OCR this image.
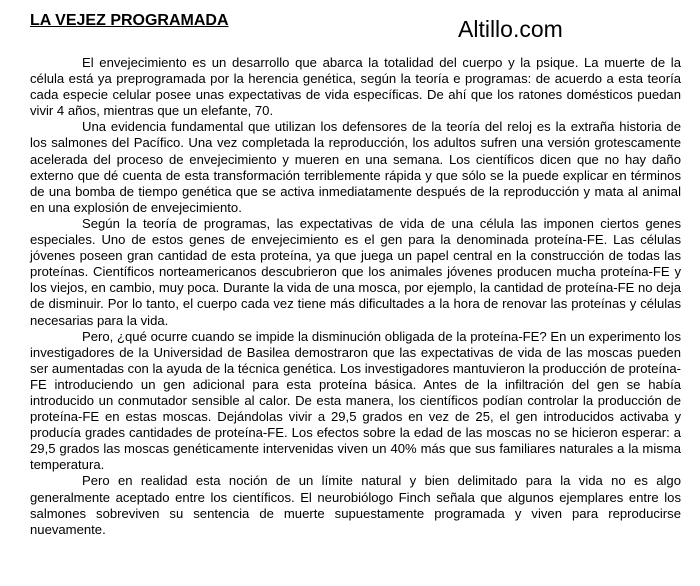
LA VEJEZ PROGRAMADA	Altillo.com

El envejecimiento es un desarrollo que abarca la totalidad del cuerpo y la psique. La muerte de la célula está ya preprogramada por la herencia genética, según la teoría e programas: de acuerdo a esta teoría cada especie celular posee unas expectativas de vida específicas. De ahí que los ratones domésticos puedan vivir 4 años, mientras que un elefante, 70.

Una evidencia fundamental que utilizan los defensores de la teoría del reloj es la extraña historia de los salmones del Pacífico. Una vez completada la reproducción, los adultos sufren una versión grotescamente acelerada del proceso de envejecimiento y mueren en una semana. Los científicos dicen que no hay daño externo que dé cuenta de esta transformación terriblemente rápida y que sólo se la puede explicar en términos de una bomba de tiempo genética que se activa inmediatamente después de la reproducción y mata al animal en una explosión de envejecimiento.

Según la teoría de programas, las expectativas de vida de una célula las imponen ciertos genes especiales. Uno de estos genes de envejecimiento es el gen para la denominada proteína-FE. Las células jóvenes poseen gran cantidad de esta proteína, ya que juega un papel central en la construcción de todas las proteínas. Científicos norteamericanos descubrieron que los animales jóvenes producen mucha proteína-FE y los viejos, en cambio, muy poca. Durante la vida de una mosca, por ejemplo, la cantidad de proteína-FE no deja de disminuir. Por lo tanto, el cuerpo cada vez tiene más dificultades a la hora de renovar las proteínas y células necesarias para la vida.

Pero, ¿qué ocurre cuando se impide la disminución obligada de la proteína-FE? En un experimento los investigadores de la Universidad de Basilea demostraron que las expectativas de vida de las moscas pueden ser aumentadas con la ayuda de la técnica genética. Los investigadores mantuvieron la producción de proteína-FE introduciendo un gen adicional para esta proteína básica. Antes de la infiltración del gen se había introducido un conmutador sensible al calor. De esta manera, los científicos podían controlar la producción de proteína-FE en estas moscas. Dejándolas vivir a 29,5 grados en vez de 25, el gen introducidos activaba y producía grades cantidades de proteína-FE. Los efectos sobre la edad de las moscas no se hicieron esperar: a 29,5 grados las moscas genéticamente intervenidas viven un 40% más que sus familiares naturales a la misma temperatura.

Pero en realidad esta noción de un límite natural y bien delimitado para la vida no es algo generalmente aceptado entre los científicos. El neurobiólogo Finch señala que algunos ejemplares entre los salmones sobreviven su sentencia de muerte supuestamente programada y viven para reproducirse nuevamente.
